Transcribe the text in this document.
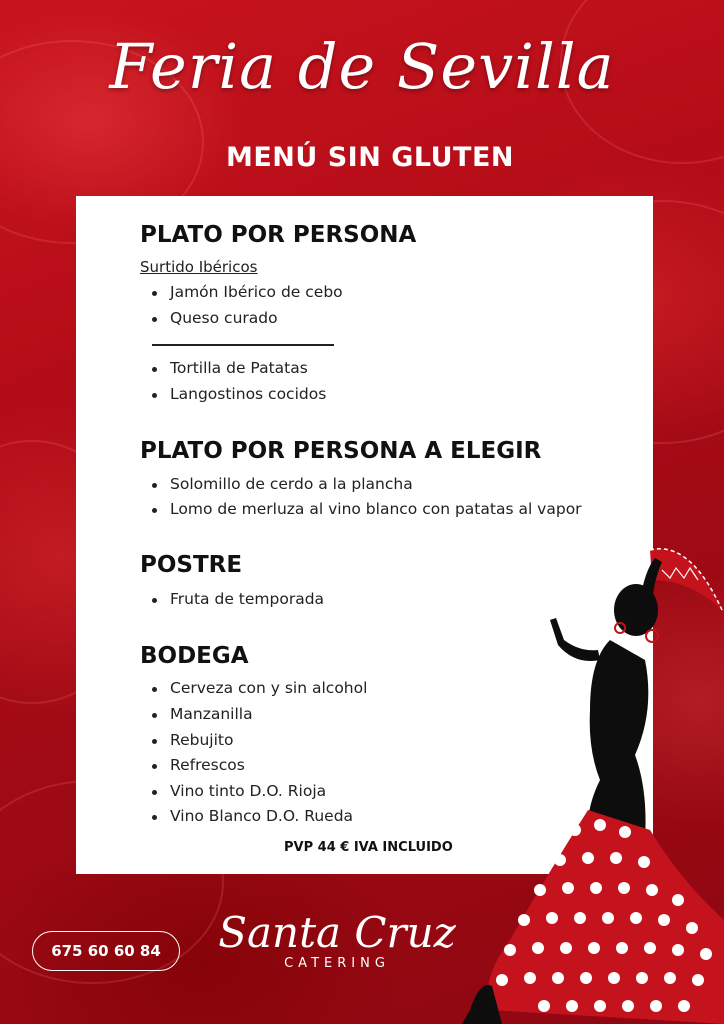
Feria de Sevilla
MENÚ SIN GLUTEN
PLATO POR PERSONA
Surtido Ibéricos
Jamón Ibérico de cebo
Queso curado
Tortilla de Patatas
Langostinos cocidos
PLATO POR PERSONA A ELEGIR
Solomillo de cerdo a la plancha
Lomo de merluza al vino blanco con patatas al vapor
POSTRE
Fruta de temporada
BODEGA
Cerveza con y sin alcohol
Manzanilla
Rebujito
Refrescos
Vino tinto D.O. Rioja
Vino Blanco D.O. Rueda
PVP 44 € IVA INCLUIDO
675 60 60 84	Santa Cruz
CATERING
